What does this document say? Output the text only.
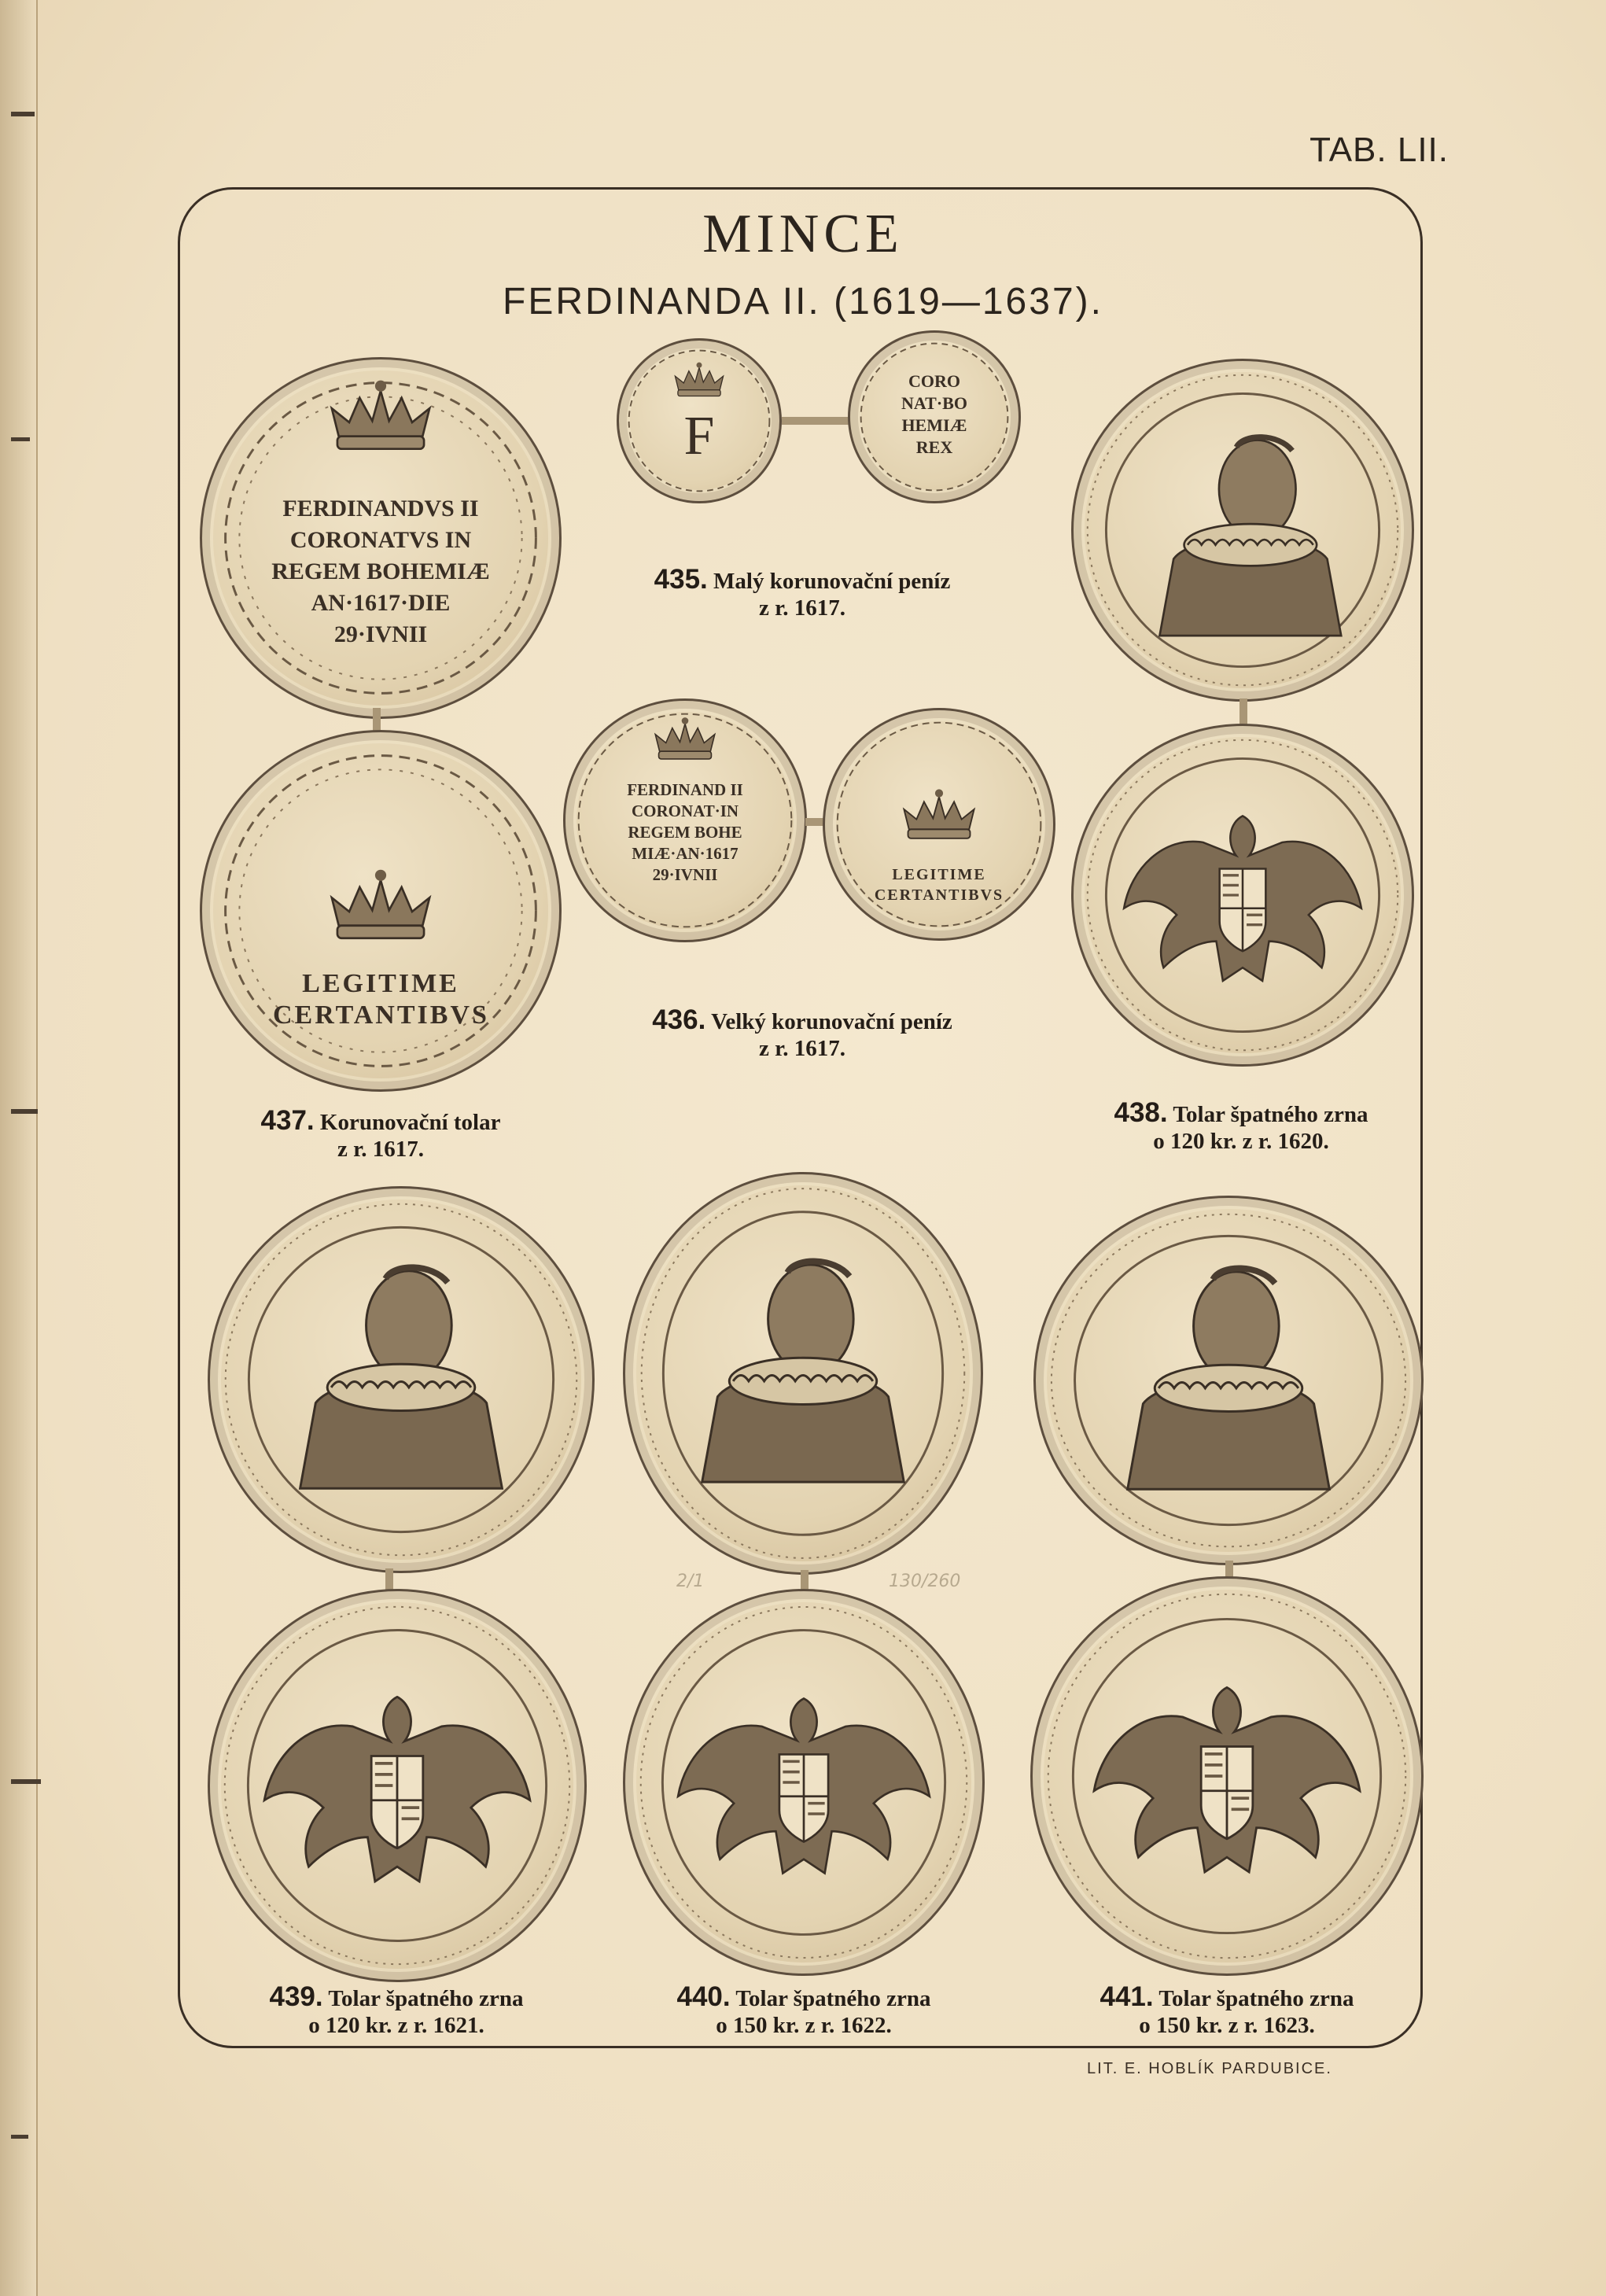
TAB. LII.
MINCE
FERDINANDA II. (1619—1637).
FERDINANDVS II CORONATVS IN REGEM BOHEMIÆ AN·1617·DIE 29·IVNII
F
CORO NAT·BO HEMIÆ REX
435. Malý korunovační peníz
z r. 1617.
LEGITIME CERTANTIBVS
FERDINAND II CORONAT·IN REGEM BOHE MIÆ·AN·1617 29·IVNII	LEGITIME CERTANTIBVS
436. Velký korunovační peníz
z r. 1617.
437. Korunovační tolar
z r. 1617.
438. Tolar špatného zrna
o 120 kr. z r. 1620.
2/1	130/260
439. Tolar špatného zrna
o 120 kr. z r. 1621.
440. Tolar špatného zrna
o 150 kr. z r. 1622.
441. Tolar špatného zrna
o 150 kr. z r. 1623.
LIT. E. HOBLÍK PARDUBICE.
